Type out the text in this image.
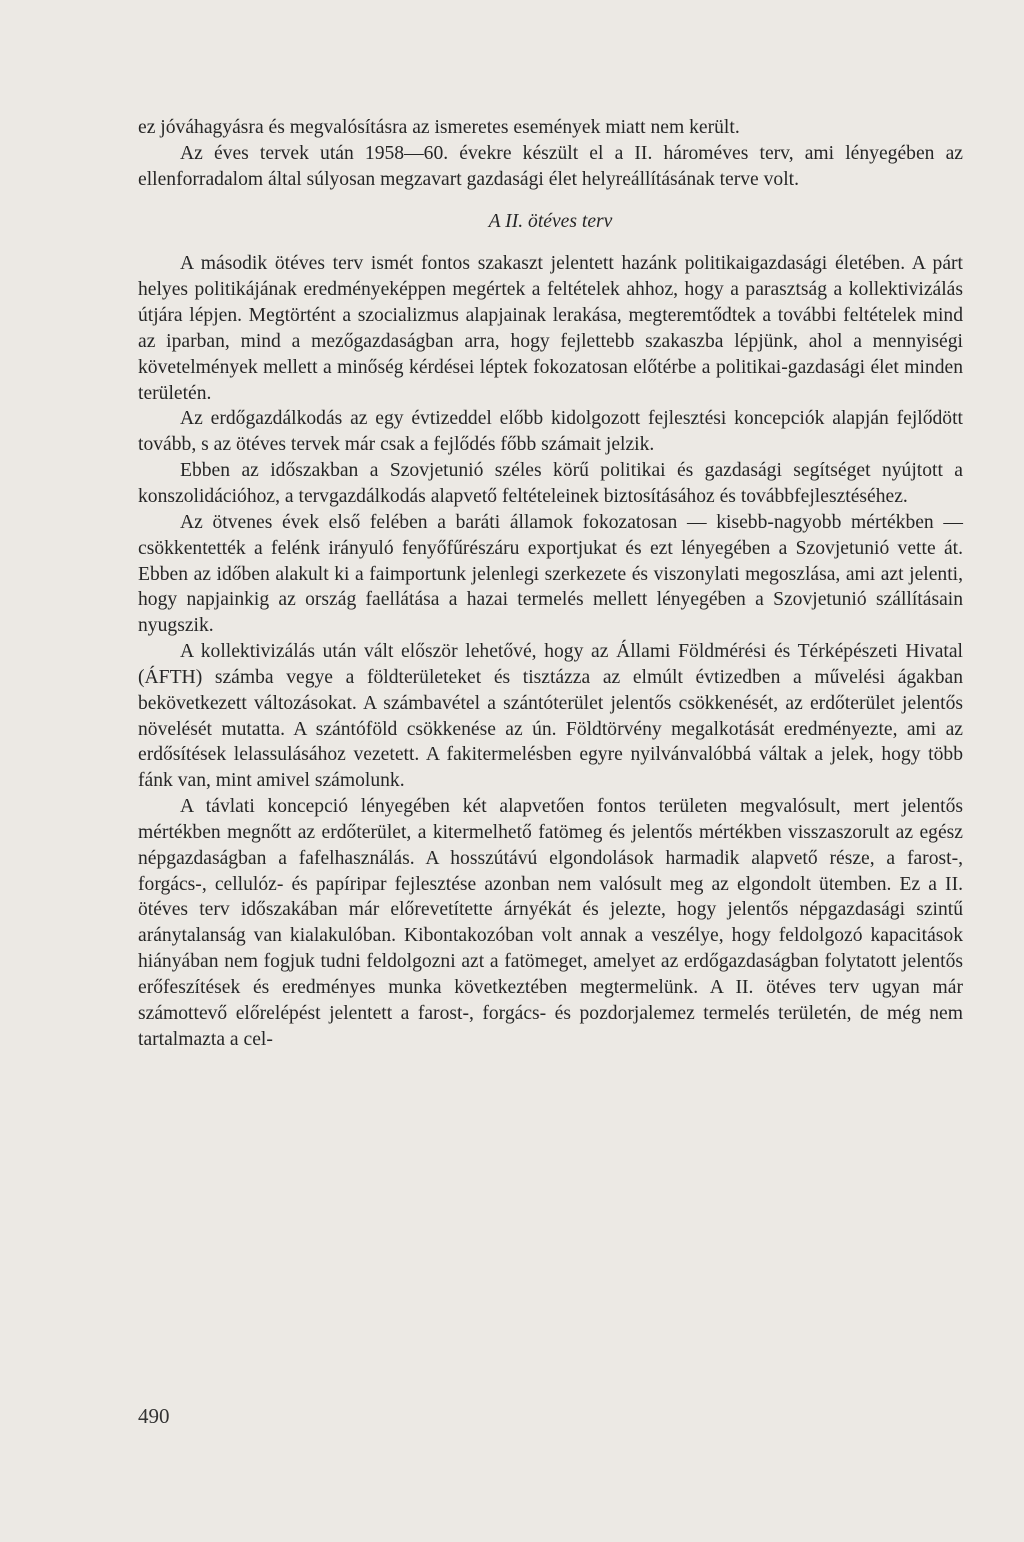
ez jóváhagyásra és megvalósításra az ismeretes események miatt nem került.

Az éves tervek után 1958—60. évekre készült el a II. hároméves terv, ami lényegében az ellenforradalom által súlyosan megzavart gazdasági élet helyreállításának terve volt.

A II. ötéves terv

A második ötéves terv ismét fontos szakaszt jelentett hazánk politikaigazdasági életében. A párt helyes politikájának eredményeképpen megértek a feltételek ahhoz, hogy a parasztság a kollektivizálás útjára lépjen. Megtörtént a szocializmus alapjainak lerakása, megteremtődtek a további feltételek mind az iparban, mind a mezőgazdaságban arra, hogy fejlettebb szakaszba lépjünk, ahol a mennyiségi követelmények mellett a minőség kérdései léptek fokozatosan előtérbe a politikai-gazdasági élet minden területén.

Az erdőgazdálkodás az egy évtizeddel előbb kidolgozott fejlesztési koncepciók alapján fejlődött tovább, s az ötéves tervek már csak a fejlődés főbb számait jelzik.

Ebben az időszakban a Szovjetunió széles körű politikai és gazdasági segítséget nyújtott a konszolidációhoz, a tervgazdálkodás alapvető feltételeinek biztosításához és továbbfejlesztéséhez.

Az ötvenes évek első felében a baráti államok fokozatosan — kisebb-nagyobb mértékben — csökkentették a felénk irányuló fenyőfűrészáru exportjukat és ezt lényegében a Szovjetunió vette át. Ebben az időben alakult ki a faimportunk jelenlegi szerkezete és viszonylati megoszlása, ami azt jelenti, hogy napjainkig az ország faellátása a hazai termelés mellett lényegében a Szovjetunió szállításain nyugszik.

A kollektivizálás után vált először lehetővé, hogy az Állami Földmérési és Térképészeti Hivatal (ÁFTH) számba vegye a földterületeket és tisztázza az elmúlt évtizedben a művelési ágakban bekövetkezett változásokat. A számbavétel a szántóterület jelentős csökkenését, az erdőterület jelentős növelését mutatta. A szántóföld csökkenése az ún. Földtörvény megalkotását eredményezte, ami az erdősítések lelassulásához vezetett. A fakitermelésben egyre nyilvánvalóbbá váltak a jelek, hogy több fánk van, mint amivel számolunk.

A távlati koncepció lényegében két alapvetően fontos területen megvalósult, mert jelentős mértékben megnőtt az erdőterület, a kitermelhető fatömeg és jelentős mértékben visszaszorult az egész népgazdaságban a fafelhasználás. A hosszútávú elgondolások harmadik alapvető része, a farost-, forgács-, cellulóz- és papíripar fejlesztése azonban nem valósult meg az elgondolt ütemben. Ez a II. ötéves terv időszakában már előrevetítette árnyékát és jelezte, hogy jelentős népgazdasági szintű aránytalanság van kialakulóban. Kibontakozóban volt annak a veszélye, hogy feldolgozó kapacitások hiányában nem fogjuk tudni feldolgozni azt a fatömeget, amelyet az erdőgazdaságban folytatott jelentős erőfeszítések és eredményes munka következtében megtermelünk. A II. ötéves terv ugyan már számottevő előrelépést jelentett a farost-, forgács- és pozdorjalemez termelés területén, de még nem tartalmazta a cel-

490
